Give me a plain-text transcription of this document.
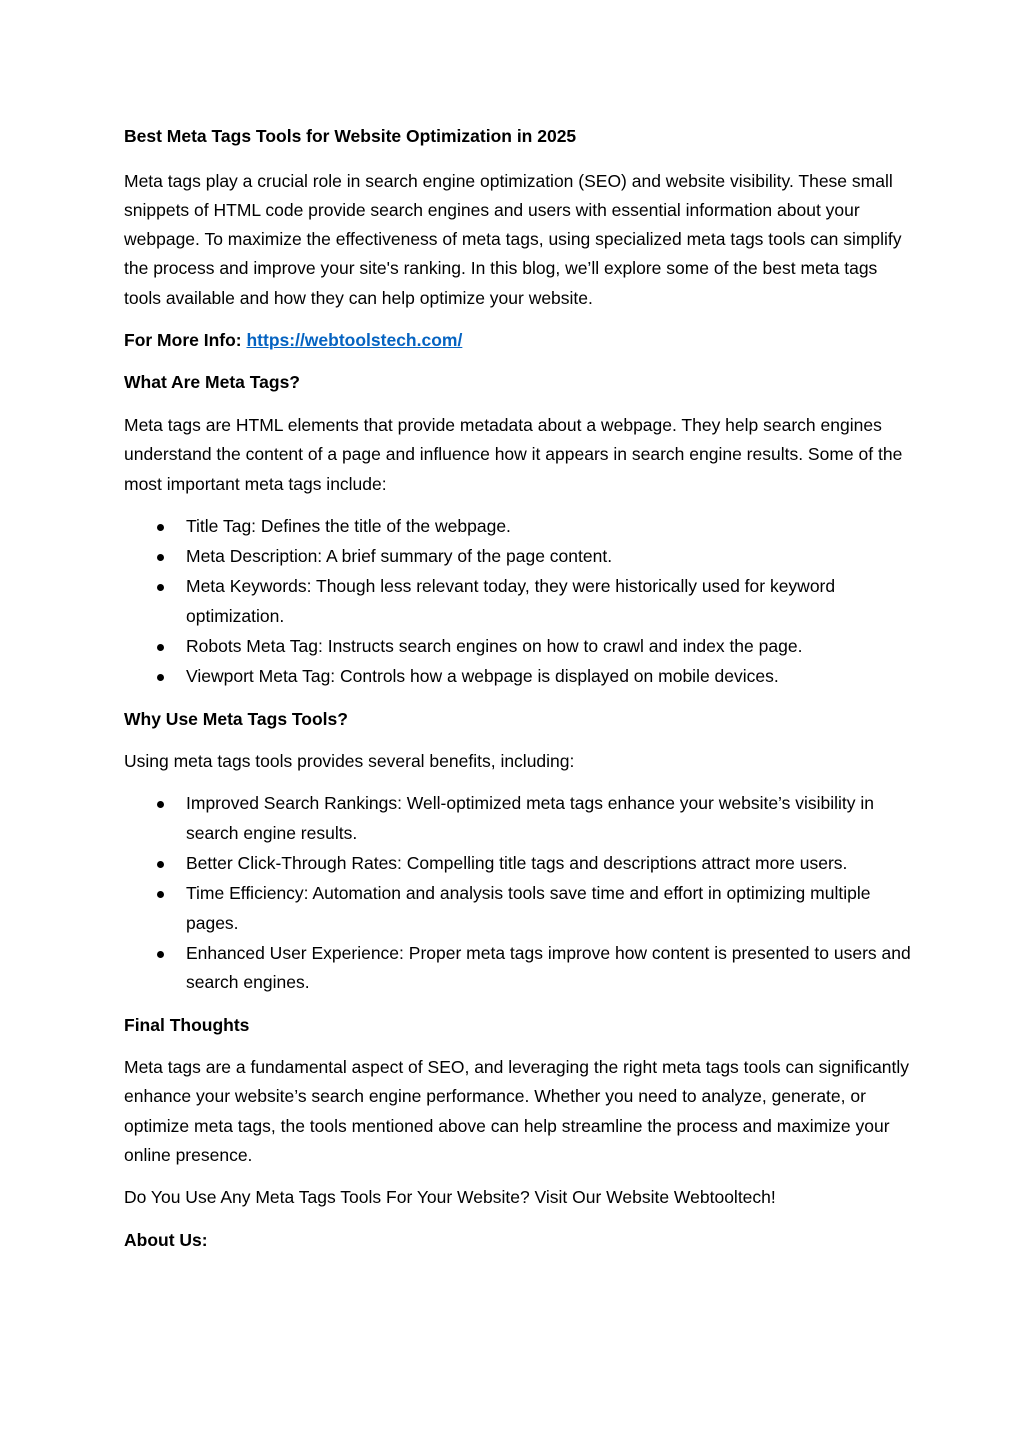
Best Meta Tags Tools for Website Optimization in 2025
Meta tags play a crucial role in search engine optimization (SEO) and website visibility. These small snippets of HTML code provide search engines and users with essential information about your webpage. To maximize the effectiveness of meta tags, using specialized meta tags tools can simplify the process and improve your site's ranking. In this blog, we’ll explore some of the best meta tags tools available and how they can help optimize your website.
For More Info: https://webtoolstech.com/
What Are Meta Tags?
Meta tags are HTML elements that provide metadata about a webpage. They help search engines understand the content of a page and influence how it appears in search engine results. Some of the most important meta tags include:
Title Tag: Defines the title of the webpage.
Meta Description: A brief summary of the page content.
Meta Keywords: Though less relevant today, they were historically used for keyword optimization.
Robots Meta Tag: Instructs search engines on how to crawl and index the page.
Viewport Meta Tag: Controls how a webpage is displayed on mobile devices.
Why Use Meta Tags Tools?
Using meta tags tools provides several benefits, including:
Improved Search Rankings: Well-optimized meta tags enhance your website’s visibility in search engine results.
Better Click-Through Rates: Compelling title tags and descriptions attract more users.
Time Efficiency: Automation and analysis tools save time and effort in optimizing multiple pages.
Enhanced User Experience: Proper meta tags improve how content is presented to users and search engines.
Final Thoughts
Meta tags are a fundamental aspect of SEO, and leveraging the right meta tags tools can significantly enhance your website’s search engine performance. Whether you need to analyze, generate, or optimize meta tags, the tools mentioned above can help streamline the process and maximize your online presence.
Do You Use Any Meta Tags Tools For Your Website? Visit Our Website Webtooltech!
About Us:
